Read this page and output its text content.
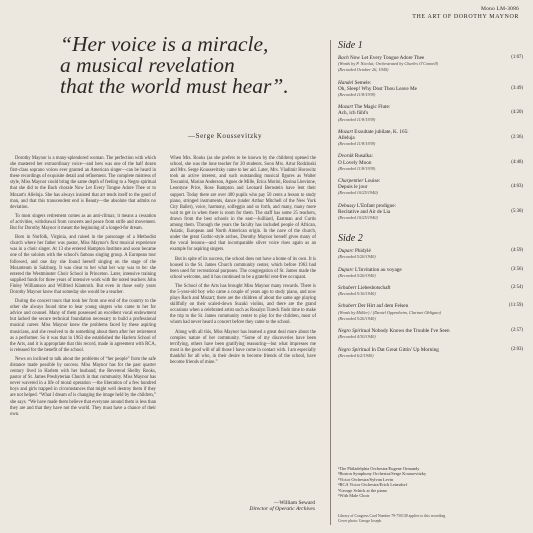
Mono LM-3086
THE ART OF DOROTHY MAYNOR
“Her voice is a miracle,
a musical revelation
that the world must hear”.
—Serge Koussevitzky

Dorothy Maynor is a many-splendored woman. The perfection with which she mastered her extraordinary voice—and hers was one of the half dozen first-class soprano voices ever granted an American singer—can be heard in these recordings of exquisite detail and refinement. The complete mistress of style, Miss Maynor could bring the same depth of feeling to a Negro spiritual that she did to the Bach chorale Now Let Every Tongue Adore Thee or to Mozart's Alleluja. She has always insisted that art tends itself to the good of man, and that this transcendent end is Beauty—the absolute that admits no deviation.

To most singers retirement comes as an anti-climax; it means a cessation of activities, withdrawal from concerts and peace from strife and movement. But for Dorothy Maynor it meant the beginning of a longed-for dream.

Born in Norfolk, Virginia, and raised in the parsonage of a Methodist church where her father was pastor, Miss Maynor's first musical experience was in a choir singer. At 13 she entered Hampton Institute and soon became one of the soloists with the school's famous singing group. A European tour followed, and one day she found herself singing on the stage of the Mozarteum in Salzburg. It was clear to her what her way was to be: she entered the Westminster Choir School in Princeton. Later, intensive training supplied funds for three years of intensive work with the noted teachers John Finley Williamson and Wilfried Klamroth. But even in those early years Dorothy Maynor knew that someday she would be a teacher.

During the concert tours that took her from one end of the country to the other she always found time to hear young singers who came to her for advice and counsel. Many of them possessed an excellent vocal endowment but lacked the secure technical foundation necessary to build a professional musical career. Miss Maynor knew the problems faced by these aspiring musicians, and she resolved to do something about them after her retirement as a performer. So it was that in 1963 she established the Harlem School of the Arts, and it is appropriate that this record, made in agreement with RCA, is released for the benefit of the school.

News on inclined to talk about the problems of “her people” from the safe distance made possible by success. Miss Maynor has for the past quarter century lived in Harlem with her husband, the Reverend Shelby Rooks, pastor of St. James Presbyterian Church in that community. Miss Maynor has never wavered in a life of moral operation —the liberation of a few hundred boys and girls trapped in circumstances that might well destroy them if they are not helped. “What I dream of is changing the image held by the children,” she says. “We have made them believe that everyone around them is less than they are and that they have not the world. They must have a chance of their own.

When Mrs. Rooks (as she prefers to be known by the children) opened the school, she was the lone teacher for 20 students. Soon Mrs. Artur Rodzinski and Mrs. Serge Koussevitzky came to her aid. Later, Mrs. Vladimir Horowitz took an active interest, and such outstanding musical figures as Walter Toscanini, Marian Anderson, Agnes de Mille, Erica Morini, Rosina Lhevinne, Leontyne Price, Rose Bampton and Leonard Bernstein have lent their support. Today there are over 400 pupils who pay 50 cents a lesson to study piano, stringed instruments, dance (under Arthur Mitchell of the New York City Ballet), voice, harmony, solfeggio and so forth, and many, many more wait to get in when there is room for them. The staff has some 25 teachers, drawn from the best schools in the east—Juilliard, Eastman and Curtis among them. Through the years the faculty has included people of African, Asiatic, European and North American origin. In the nave of the church, under the great Gothic-style arches, Dorothy Maynor herself gives many of the vocal lessons—and that incomparable silver voice rises again as an example for aspiring singers.

But in spite of its success, the school does not have a home of its own. It is housed in the St. James Church community center, which before 1963 had been used for recreational purposes. The congregation of St. James made the school welcome, and it has continued to be a grateful rent-free occupant.

The School of the Arts has brought Miss Maynor many rewards. There is the 5-year-old boy who came a couple of years ago to study piano, and now plays Bach and Mozart; there are the children of about the same age playing skillfully on their scaled-down Suzuki violins, and there are the grand occasions when a celebrated artist such as Rosalyn Tureck finds time to make the trip to the St. James community center to play for the children, most of whom had never heard a concert before they came to the school.

Along with all this, Miss Maynor has learned a great deal more about the complex nature of her community. “Some of my discoveries have been terrifying, others have been gratifying reassuring—but what impresses me most is the good will of all those I have come in contact with. I am especially thankful for all who, in their desire to become friends of the school, have become friends of mine.”

—William Seward
Director of Operatic Archives
Side 1
Bach Now Let Every Tongue Adore Thee	(1:07)
(Words by P. Nicolai; Orchestrated by Charles O'Connell)
(Recorded October 26, 1940)
Handel Semele:
Oh, Sleep! Why Dost Thou Leave Me	(3:49)
(Recorded 11/8/1939)
Mozart The Magic Flute:
Ach, ich fühl's	(4:20)
(Recorded 11/8/1939)
Mozart Exsultate jubilate, K. 165:
Alleluja	(2:36)
(Recorded 11/8/1939)
Dvorák Rusalka:
O Lovely Moon	(4:48)
(Recorded 11/8/1939)
Charpentier Louise:
Depuis le jour	(4:03)
(Recorded 10/25/1940)
Debussy L'Enfant prodigue:
Recitative and Air de Lia	(5:30)
(Recorded 10/25/1940)
Side 2
Duparc Phidylé	(4:59)
(Recorded 5/26/1940)
Duparc L'Invitation au voyage	(3:56)
(Recorded 5/26/1940)
Schubert Liebesbotschaft	(2:54)
(Recorded 5/16/1940)
Schubert Der Hirt auf dem Felsen	(11:59)
(Words by Müller) / (Daniel Oppenheim, Clarinet Obligato)
(Recorded 5/26/1940)
Negro Spiritual Nobody Knows the Trouble I've Seen	(2:57)
(Recorded 4/30/1940)
Negro Spiritual In Dat Great Gittin' Up Morning	(2:03)
(Recorded 6/2/1940)
¹The Philadelphia Orchestra/Eugene Ormandy
²Boston Symphony Orchestra/Serge Koussevitzky
³Victor Orchestra/Sylvan Levin
⁴RCA Victor Orchestra/Erich Leinsdorf
⁵George Schick at the piano
⁶With Male Choir
Library of Congress Card Number 79-750138 applies to this recording
Cover photo: George Joseph
